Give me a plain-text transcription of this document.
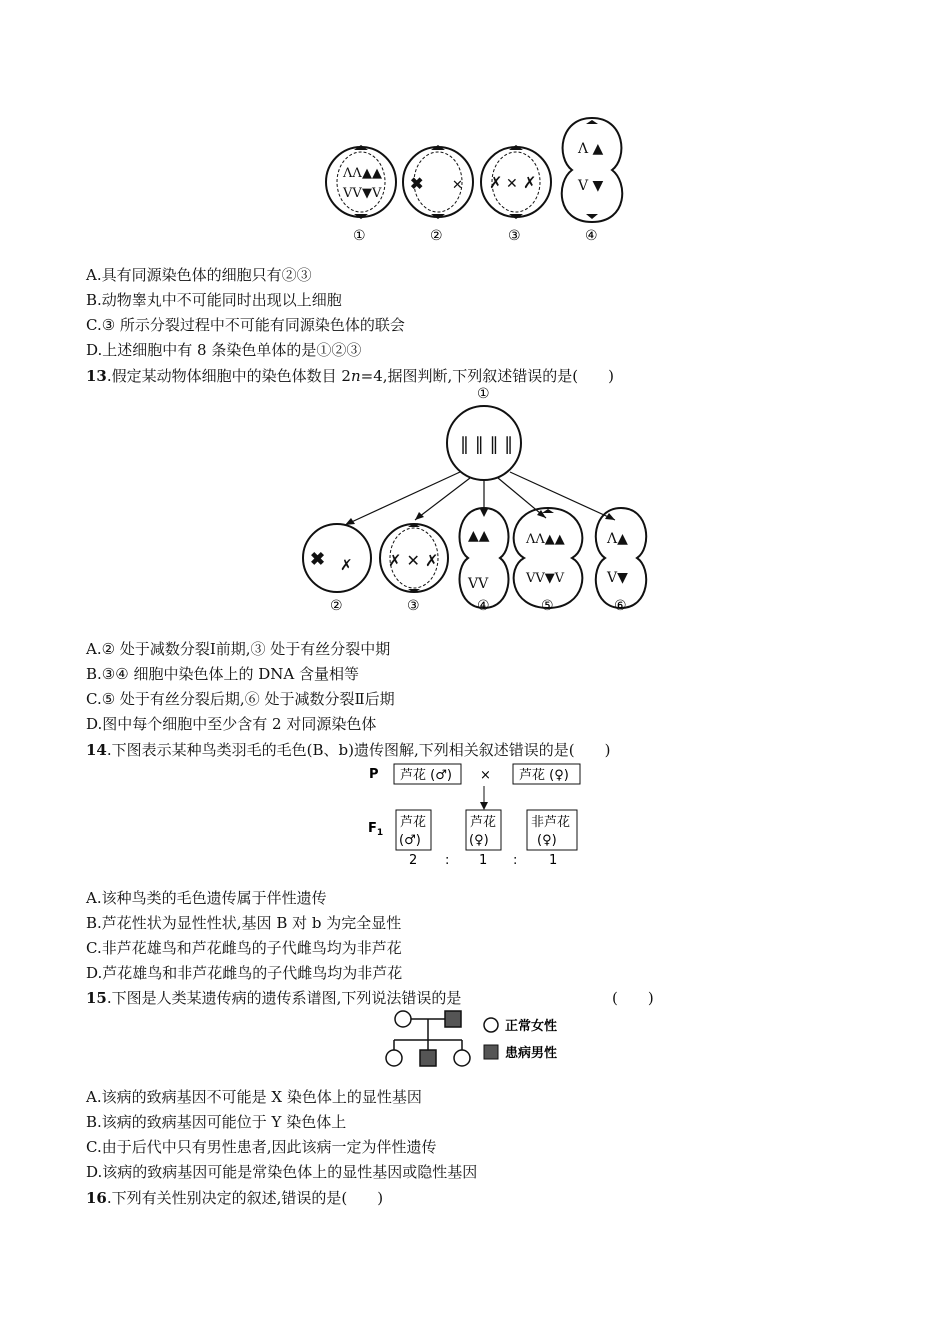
ΛΛ ▲▲
VV ▼V
✖ ✕ ✗ ✕ ✗
Λ ▲
V ▼
①	②	③	④
A.具有同源染色体的细胞只有②③
B.动物睾丸中不可能同时出现以上细胞
C.③ 所示分裂过程中不可能有同源染色体的联会
D.上述细胞中有 8 条染色单体的是①②③
13.假定某动物体细胞中的染色体数目 2n=4,据图判断,下列叙述错误的是(　　)
①
‖ ‖ ‖ ‖
✖ ✗ ✗ ✕ ✗
▲▲
VV
ΛΛ▲▲
VV▼V
Λ▲
V▼
②	③	④	⑤	⑥
A.② 处于减数分裂Ⅰ前期,③ 处于有丝分裂中期
B.③④ 细胞中染色体上的 DNA 含量相等
C.⑤ 处于有丝分裂后期,⑥ 处于减数分裂Ⅱ后期
D.图中每个细胞中至少含有 2 对同源染色体
14.下图表示某种鸟类羽毛的毛色(B、b)遗传图解,下列相关叙述错误的是(　　)
P 芦花 (♂) × 芦花 (♀)
$F_1$
芦花
(♂)
芦花
(♀)
非芦花
(♀)
2 : 1 : 1
A.该种鸟类的毛色遗传属于伴性遗传
B.芦花性状为显性性状,基因 B 对 b 为完全显性
C.非芦花雄鸟和芦花雌鸟的子代雌鸟均为非芦花
D.芦花雄鸟和非芦花雌鸟的子代雌鸟均为非芦花
15.下图是人类某遗传病的遗传系谱图,下列说法错误的是	(　　)
正常女性
患病男性
A.该病的致病基因不可能是 X 染色体上的显性基因
B.该病的致病基因可能位于 Y 染色体上
C.由于后代中只有男性患者,因此该病一定为伴性遗传
D.该病的致病基因可能是常染色体上的显性基因或隐性基因
16.下列有关性别决定的叙述,错误的是(　　)
